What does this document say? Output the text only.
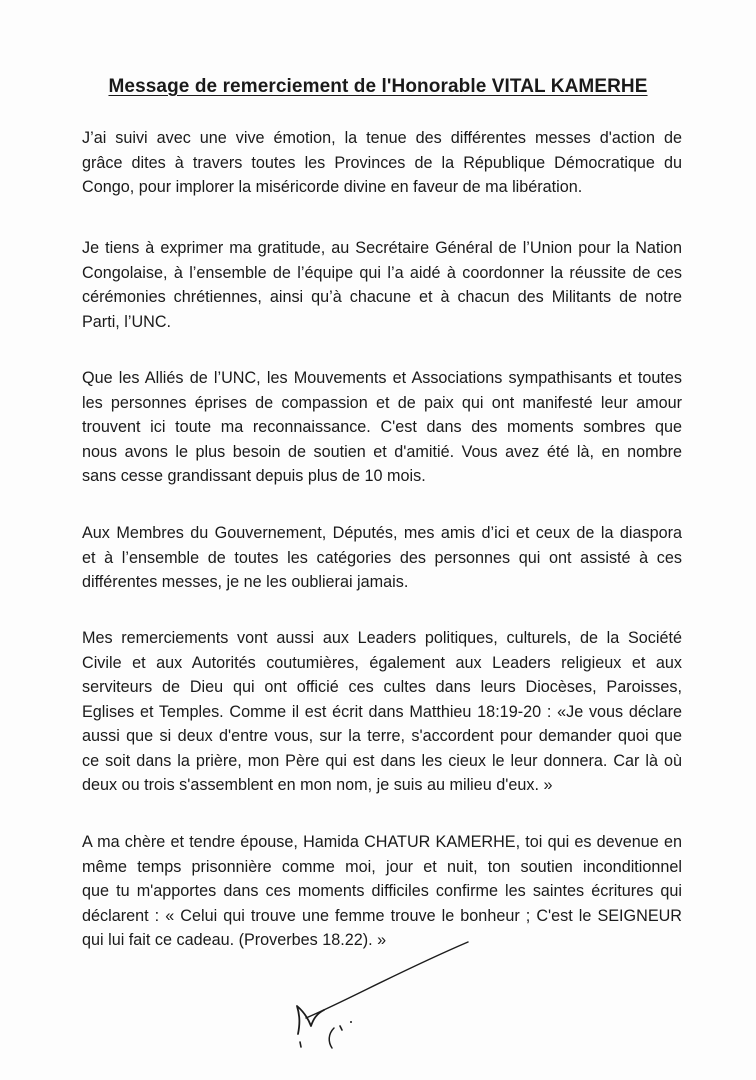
Message de remerciement de l'Honorable VITAL KAMERHE
J’ai suivi avec une vive émotion, la tenue des différentes messes d'action de
grâce dites à travers toutes les Provinces de la République Démocratique du
Congo, pour implorer la miséricorde divine en faveur de ma libération.
Je tiens à exprimer ma gratitude, au Secrétaire Général de l’Union pour la Nation
Congolaise, à l’ensemble de l’équipe qui l’a aidé à coordonner la réussite de ces
cérémonies chrétiennes, ainsi qu’à chacune et à chacun des Militants de notre
Parti, l’UNC.
Que les Alliés de l’UNC, les Mouvements et Associations sympathisants et toutes
les personnes éprises de compassion et de paix qui ont manifesté leur amour
trouvent ici toute ma reconnaissance. C'est dans des moments sombres que
nous avons le plus besoin de soutien et d'amitié. Vous avez été là, en nombre
sans cesse grandissant depuis plus de 10 mois.
Aux Membres du Gouvernement, Députés, mes amis d’ici et ceux de la diaspora
et à l’ensemble de toutes les catégories des personnes qui ont assisté à ces
différentes messes, je ne les oublierai jamais.
Mes remerciements vont aussi aux Leaders politiques, culturels, de la Société
Civile et aux Autorités coutumières, également aux Leaders religieux et aux
serviteurs de Dieu qui ont officié ces cultes dans leurs Diocèses, Paroisses,
Eglises et Temples. Comme il est écrit dans Matthieu 18:19-20 : «Je vous déclare
aussi que si deux d'entre vous, sur la terre, s'accordent pour demander quoi que
ce soit dans la prière, mon Père qui est dans les cieux le leur donnera. Car là où
deux ou trois s'assemblent en mon nom, je suis au milieu d'eux. »
A ma chère et tendre épouse, Hamida CHATUR KAMERHE, toi qui es devenue en
même temps prisonnière comme moi, jour et nuit, ton soutien inconditionnel
que tu m'apportes dans ces moments difficiles confirme les saintes écritures qui
déclarent : « Celui qui trouve une femme trouve le bonheur ; C'est le SEIGNEUR
qui lui fait ce cadeau. (Proverbes 18.22). »
